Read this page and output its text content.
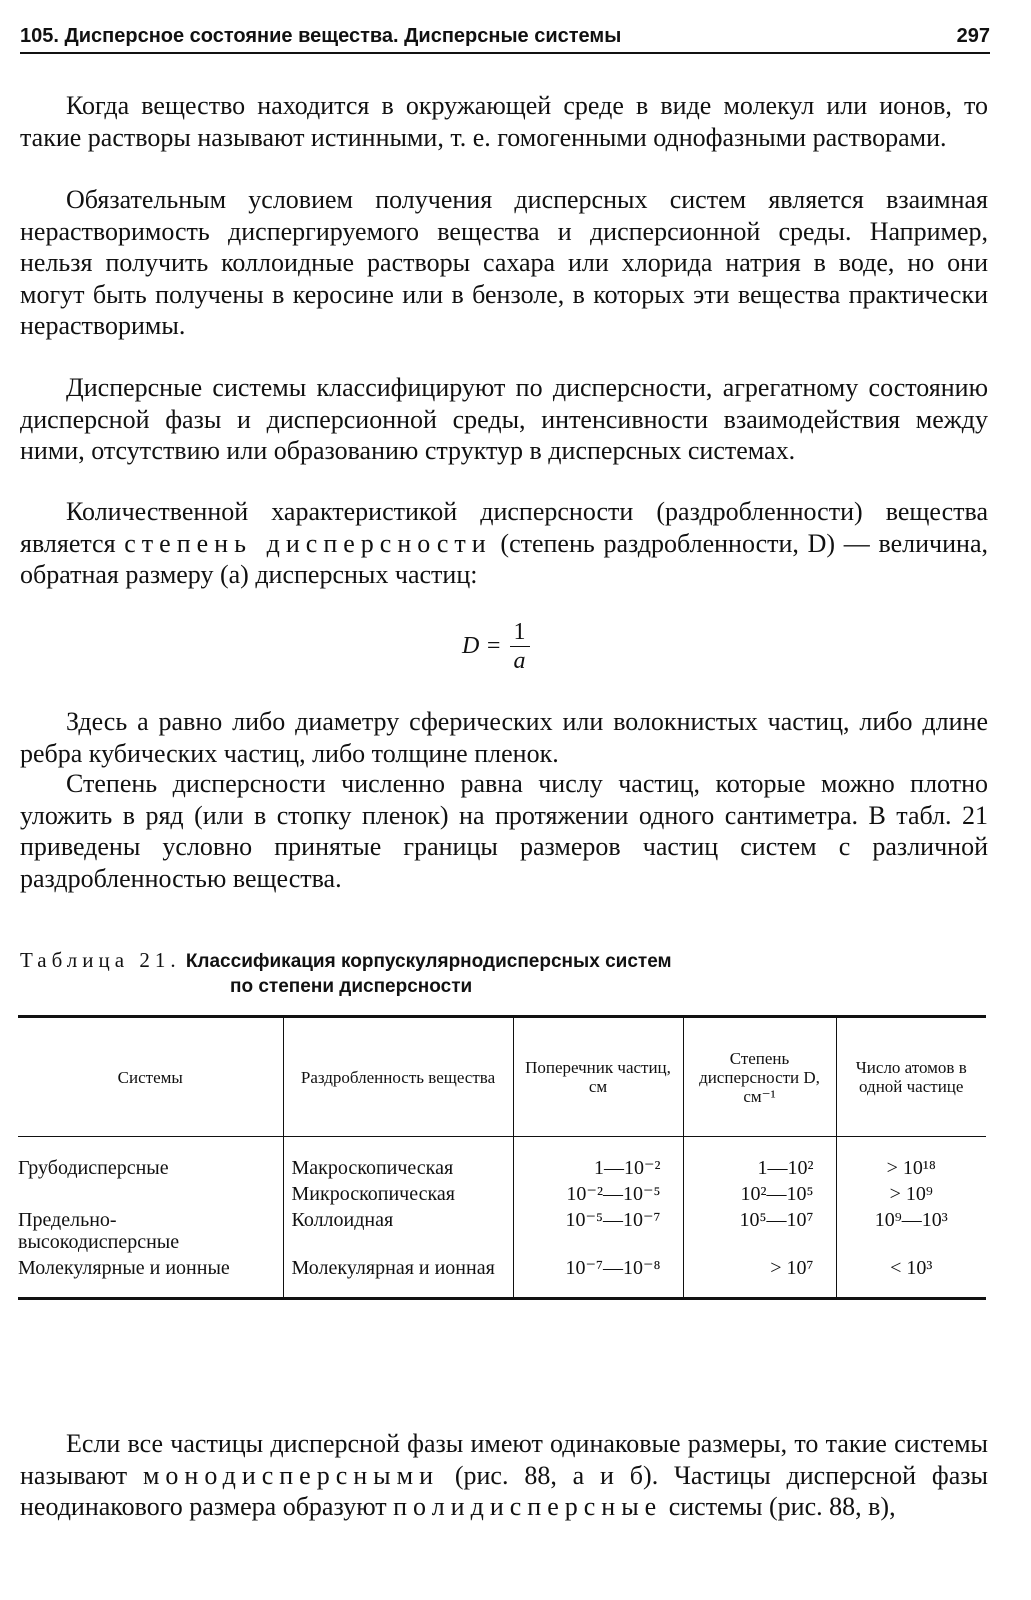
105. Дисперсное состояние вещества. Дисперсные системы	297

Когда вещество находится в окружающей среде в виде молекул или ионов, то такие растворы называют истинными, т. е. гомогенными однофазными растворами.

Обязательным условием получения дисперсных систем является взаимная нерастворимость диспергируемого вещества и дисперсионной среды. Например, нельзя получить коллоидные растворы сахара или хлорида натрия в воде, но они могут быть получены в керосине или в бензоле, в которых эти вещества практически нерастворимы.

Дисперсные системы классифицируют по дисперсности, агрегатному состоянию дисперсной фазы и дисперсионной среды, интенсивности взаимодействия между ними, отсутствию или образованию структур в дисперсных системах.

Количественной характеристикой дисперсности (раздробленности) вещества является степень дисперсности (степень раздробленности, D) — величина, обратная размеру (a) дисперсных частиц:

$D = \frac{1}{a}$

Здесь a равно либо диаметру сферических или волокнистых частиц, либо длине ребра кубических частиц, либо толщине пленок.

Степень дисперсности численно равна числу частиц, которые можно плотно уложить в ряд (или в стопку пленок) на протяжении одного сантиметра. В табл. 21 приведены условно принятые границы размеров частиц систем с различной раздробленностью вещества.

Таблица 21. Классификация корпускулярнодисперсных систем
по степени дисперсности
Системы	Раздробленность вещества	Поперечник частиц, см	Степень дисперсности D, см⁻¹	Число атомов в одной частице
Грубодисперсные	Макроскопическая	1—10⁻²	1—10²	> 10¹⁸
	Микроскопическая	10⁻²—10⁻⁵	10²—10⁵	> 10⁹
Предельно-высокодисперсные	Коллоидная	10⁻⁵—10⁻⁷	10⁵—10⁷	10⁹—10³
Молекулярные и ионные	Молекулярная и ионная	10⁻⁷—10⁻⁸	> 10⁷	< 10³

Если все частицы дисперсной фазы имеют одинаковые размеры, то такие системы называют монодисперсными (рис. 88, а и б). Частицы дисперсной фазы неодинакового размера образуют полидисперсные системы (рис. 88, в),
